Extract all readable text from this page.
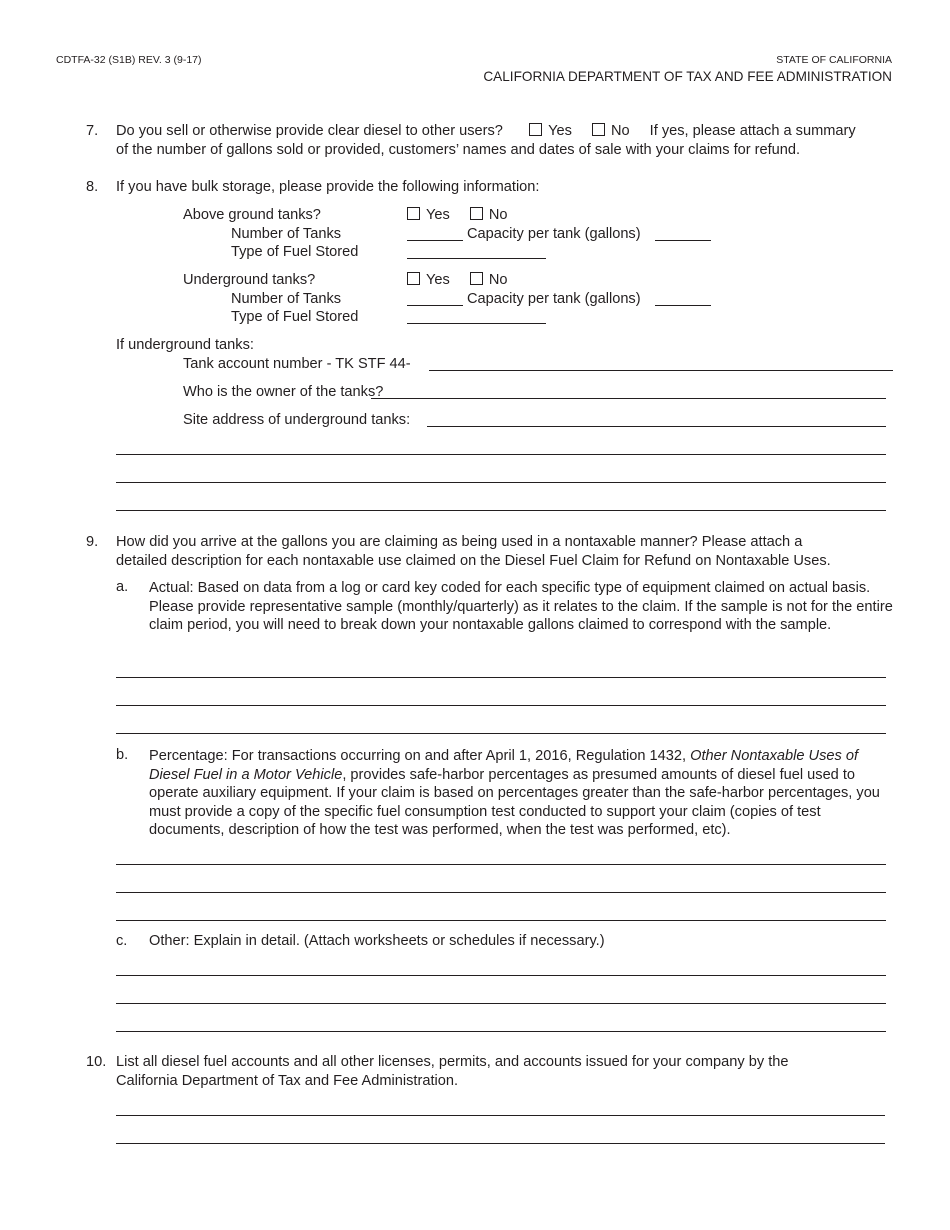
CDTFA-32 (S1B) REV. 3 (9-17)	STATE OF CALIFORNIA
CALIFORNIA DEPARTMENT OF TAX AND FEE ADMINISTRATION
7. Do you sell or otherwise provide clear diesel to other users?	Yes	No If yes, please attach a summary
of the number of gallons sold or provided, customers’ names and dates of sale with your claims for refund.
8. If you have bulk storage, please provide the following information:
Above ground tanks?	Yes	No
Number of Tanks	Capacity per tank (gallons)
Type of Fuel Stored
Underground tanks?	Yes	No
Number of Tanks	Capacity per tank (gallons)
Type of Fuel Stored
If underground tanks:
Tank account number - TK STF 44-
Who is the owner of the tanks?
Site address of underground tanks:
9. How did you arrive at the gallons you are claiming as being used in a nontaxable manner? Please attach a
detailed description for each nontaxable use claimed on the Diesel Fuel Claim for Refund on Nontaxable Uses.
a. Actual: Based on data from a log or card key coded for each specific type of equipment claimed on actual basis. Please provide representative sample (monthly/quarterly) as it relates to the claim. If the sample is not for the entire claim period, you will need to break down your nontaxable gallons claimed to correspond with the sample.
b. Percentage: For transactions occurring on and after April 1, 2016, Regulation 1432, Other Nontaxable Uses of Diesel Fuel in a Motor Vehicle, provides safe-harbor percentages as presumed amounts of diesel fuel used to operate auxiliary equipment. If your claim is based on percentages greater than the safe-harbor percentages, you must provide a copy of the specific fuel consumption test conducted to support your claim (copies of test documents, description of how the test was performed, when the test was performed, etc).
c. Other: Explain in detail. (Attach worksheets or schedules if necessary.)
10. List all diesel fuel accounts and all other licenses, permits, and accounts issued for your company by the
California Department of Tax and Fee Administration.
